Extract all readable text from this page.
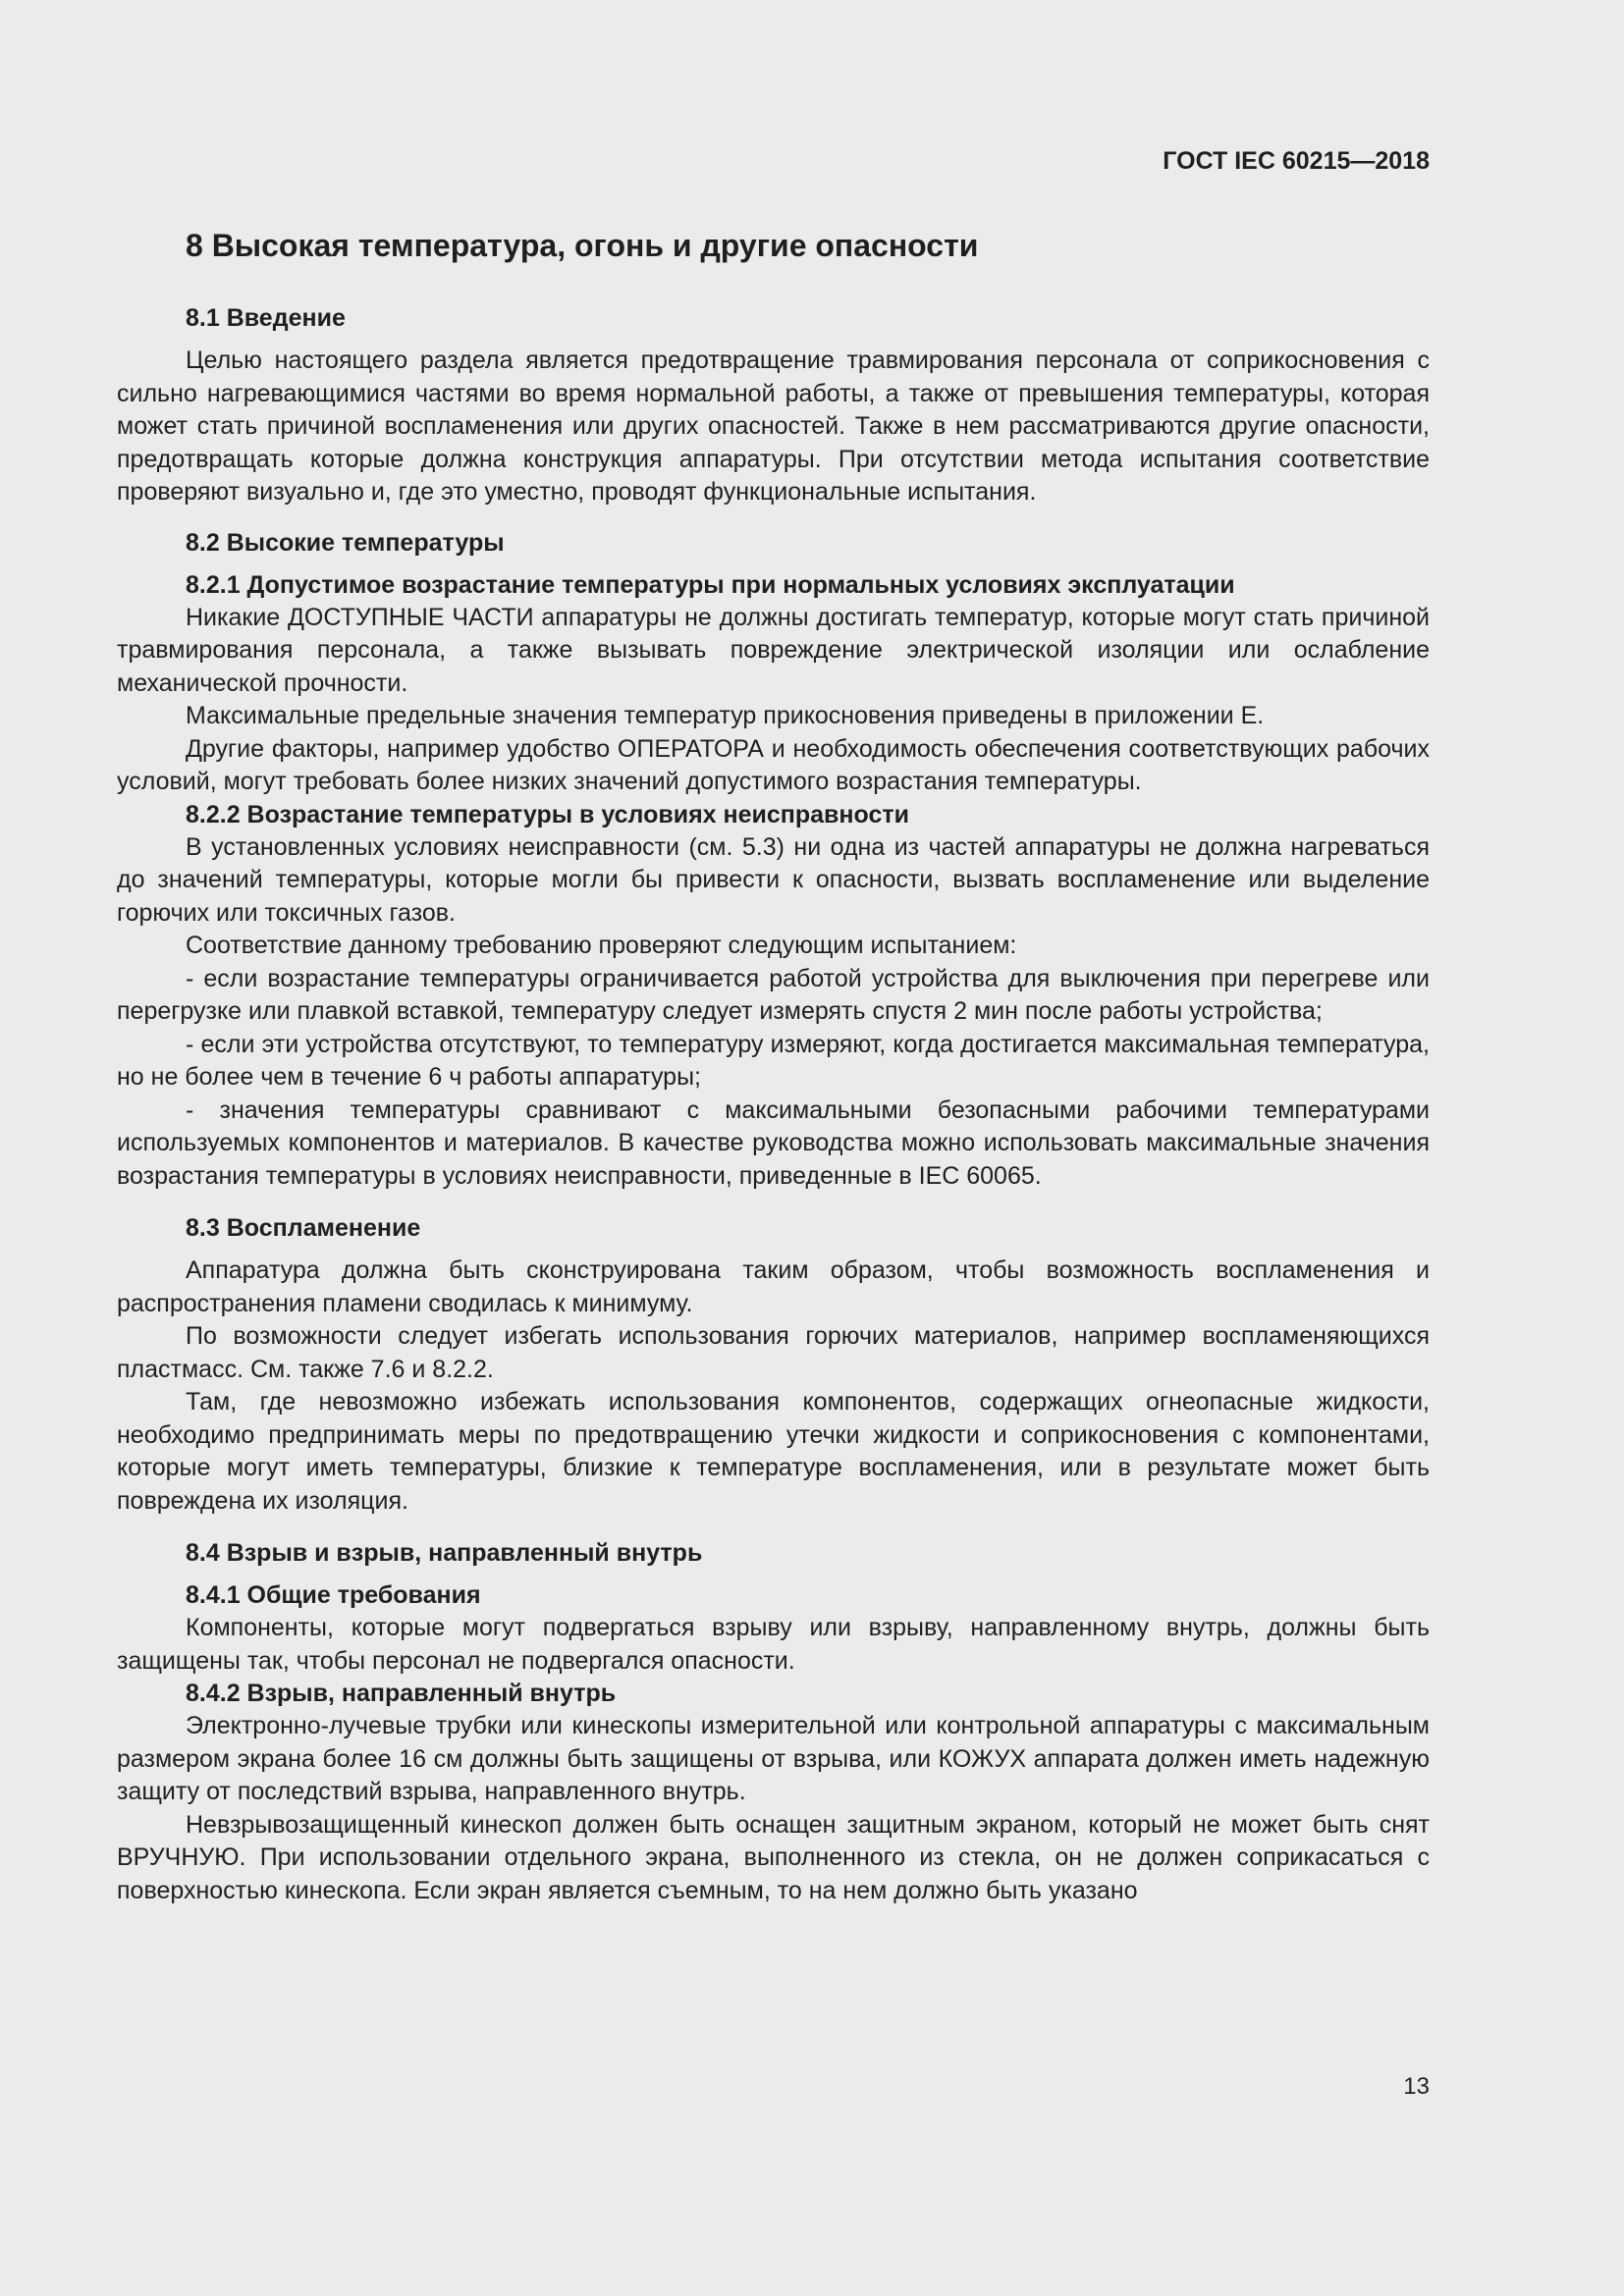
ГОСТ IEC 60215—2018
8 Высокая температура, огонь и другие опасности
8.1 Введение

Целью настоящего раздела является предотвращение травмирования персонала от соприкосновения с сильно нагревающимися частями во время нормальной работы, а также от превышения температуры, которая может стать причиной воспламенения или других опасностей. Также в нем рассматриваются другие опасности, предотвращать которые должна конструкция аппаратуры. При отсутствии метода испытания соответствие проверяют визуально и, где это уместно, проводят функциональные испытания.

8.2 Высокие температуры
8.2.1 Допустимое возрастание температуры при нормальных условиях эксплуатации

Никакие ДОСТУПНЫЕ ЧАСТИ аппаратуры не должны достигать температур, которые могут стать причиной травмирования персонала, а также вызывать повреждение электрической изоляции или ослабление механической прочности.

Максимальные предельные значения температур прикосновения приведены в приложении Е.

Другие факторы, например удобство ОПЕРАТОРА и необходимость обеспечения соответствующих рабочих условий, могут требовать более низких значений допустимого возрастания температуры.

8.2.2 Возрастание температуры в условиях неисправности

В установленных условиях неисправности (см. 5.3) ни одна из частей аппаратуры не должна нагреваться до значений температуры, которые могли бы привести к опасности, вызвать воспламенение или выделение горючих или токсичных газов.

Соответствие данному требованию проверяют следующим испытанием:

- если возрастание температуры ограничивается работой устройства для выключения при перегреве или перегрузке или плавкой вставкой, температуру следует измерять спустя 2 мин после работы устройства;

- если эти устройства отсутствуют, то температуру измеряют, когда достигается максимальная температура, но не более чем в течение 6 ч работы аппаратуры;

- значения температуры сравнивают с максимальными безопасными рабочими температурами используемых компонентов и материалов. В качестве руководства можно использовать максимальные значения возрастания температуры в условиях неисправности, приведенные в IEC 60065.

8.3 Воспламенение

Аппаратура должна быть сконструирована таким образом, чтобы возможность воспламенения и распространения пламени сводилась к минимуму.

По возможности следует избегать использования горючих материалов, например воспламеняющихся пластмасс. См. также 7.6 и 8.2.2.

Там, где невозможно избежать использования компонентов, содержащих огнеопасные жидкости, необходимо предпринимать меры по предотвращению утечки жидкости и соприкосновения с компонентами, которые могут иметь температуры, близкие к температуре воспламенения, или в результате может быть повреждена их изоляция.

8.4 Взрыв и взрыв, направленный внутрь
8.4.1 Общие требования

Компоненты, которые могут подвергаться взрыву или взрыву, направленному внутрь, должны быть защищены так, чтобы персонал не подвергался опасности.

8.4.2 Взрыв, направленный внутрь

Электронно-лучевые трубки или кинескопы измерительной или контрольной аппаратуры с максимальным размером экрана более 16 см должны быть защищены от взрыва, или КОЖУХ аппарата должен иметь надежную защиту от последствий взрыва, направленного внутрь.

Невзрывозащищенный кинескоп должен быть оснащен защитным экраном, который не может быть снят ВРУЧНУЮ. При использовании отдельного экрана, выполненного из стекла, он не должен соприкасаться с поверхностью кинескопа. Если экран является съемным, то на нем должно быть указано

13
